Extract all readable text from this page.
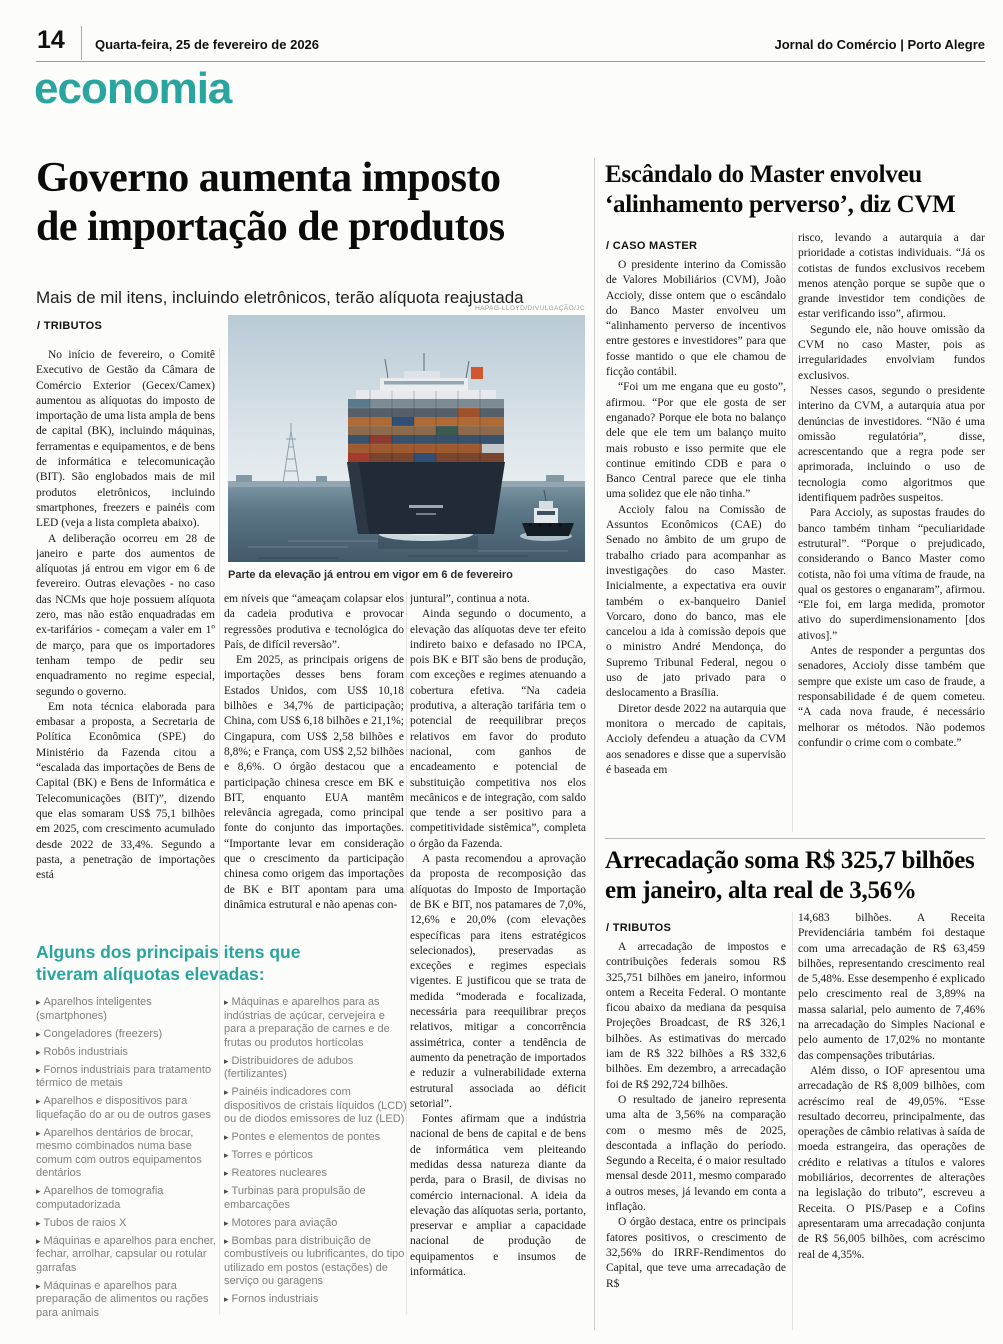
14 Quarta-feira, 25 de fevereiro de 2026	Jornal do Comércio | Porto Alegre
economia
Governo aumenta imposto
de importação de produtos
Mais de mil itens, incluindo eletrônicos, terão alíquota reajustada
/ TRIBUTOS
HAPAG-LLOYD/DIVULGAÇÃO/JC
Parte da elevação já entrou em vigor em 6 de fevereiro

No início de fevereiro, o Comitê Executivo de Gestão da Câmara de Comércio Exterior (Gecex/Camex) aumentou as alíquotas do imposto de importação de uma lista ampla de bens de capital (BK), incluindo máquinas, ferramentas e equipamentos, e de bens de informática e telecomunicação (BIT). São englobados mais de mil produtos eletrônicos, incluindo smartphones, freezers e painéis com LED (veja a lista completa abaixo).

A deliberação ocorreu em 28 de janeiro e parte dos aumentos de alíquotas já entrou em vigor em 6 de fevereiro. Outras elevações - no caso das NCMs que hoje possuem alíquota zero, mas não estão enquadradas em ex-tarifários - começam a valer em 1º de março, para que os importadores tenham tempo de pedir seu enquadramento no regime especial, segundo o governo.

Em nota técnica elaborada para embasar a proposta, a Secretaria de Política Econômica (SPE) do Ministério da Fazenda citou a “escalada das importações de Bens de Capital (BK) e Bens de Informática e Telecomunicações (BIT)”, dizendo que elas somaram US$ 75,1 bilhões em 2025, com crescimento acumulado desde 2022 de 33,4%. Segundo a pasta, a penetração de importações está

em níveis que “ameaçam colapsar elos da cadeia produtiva e provocar regressões produtiva e tecnológica do País, de difícil reversão”.

Em 2025, as principais origens de importações desses bens foram Estados Unidos, com US$ 10,18 bilhões e 34,7% de participação; China, com US$ 6,18 bilhões e 21,1%; Cingapura, com US$ 2,58 bilhões e 8,8%; e França, com US$ 2,52 bilhões e 8,6%. O órgão destacou que a participação chinesa cresce em BK e BIT, enquanto EUA mantêm relevância agregada, como principal fonte do conjunto das importações. “Importante levar em consideração que o crescimento da participação chinesa como origem das importações de BK e BIT apontam para uma dinâmica estrutural e não apenas con-

juntural”, continua a nota.

Ainda segundo o documento, a elevação das alíquotas deve ter efeito indireto baixo e defasado no IPCA, pois BK e BIT são bens de produção, com exceções e regimes atenuando a cobertura efetiva. “Na cadeia produtiva, a alteração tarifária tem o potencial de reequilibrar preços relativos em favor do produto nacional, com ganhos de encadeamento e potencial de substituição competitiva nos elos mecânicos e de integração, com saldo que tende a ser positivo para a competitividade sistêmica”, completa o órgão da Fazenda.

A pasta recomendou a aprovação da proposta de recomposição das alíquotas do Imposto de Importação de BK e BIT, nos patamares de 7,0%, 12,6% e 20,0% (com elevações específicas para itens estratégicos selecionados), preservadas as exceções e regimes especiais vigentes. E justificou que se trata de medida “moderada e focalizada, necessária para reequilibrar preços relativos, mitigar a concorrência assimétrica, conter a tendência de aumento da penetração de importados e reduzir a vulnerabilidade externa estrutural associada ao déficit setorial”.

Fontes afirmam que a indústria nacional de bens de capital e de bens de informática vem pleiteando medidas dessa natureza diante da perda, para o Brasil, de divisas no comércio internacional. A ideia da elevação das alíquotas seria, portanto, preservar e ampliar a capacidade nacional de produção de equipamentos e insumos de informática.

Alguns dos principais itens que
tiveram alíquotas elevadas:
▸ Aparelhos inteligentes (smartphones)
▸ Congeladores (freezers)
▸ Robôs industriais
▸ Fornos industriais para tratamento térmico de metais
▸ Aparelhos e dispositivos para liquefação do ar ou de outros gases
▸ Aparelhos dentários de brocar, mesmo combinados numa base comum com outros equipamentos dentários
▸ Aparelhos de tomografia computadorizada
▸ Tubos de raios X
▸ Máquinas e aparelhos para encher, fechar, arrolhar, capsular ou rotular garrafas
▸ Máquinas e aparelhos para preparação de alimentos ou rações para animais
▸ Máquinas e aparelhos para as indústrias de açúcar, cervejeira e para a preparação de carnes e de frutas ou produtos hortícolas
▸ Distribuidores de adubos (fertilizantes)
▸ Painéis indicadores com dispositivos de cristais líquidos (LCD) ou de diodos emissores de luz (LED)
▸ Pontes e elementos de pontes
▸ Torres e pórticos
▸ Reatores nucleares
▸ Turbinas para propulsão de embarcações
▸ Motores para aviação
▸ Bombas para distribuição de combustíveis ou lubrificantes, do tipo utilizado em postos (estações) de serviço ou garagens
▸ Fornos industriais
Escândalo do Master envolveu
‘alinhamento perverso’, diz CVM
/ CASO MASTER

O presidente interino da Comissão de Valores Mobiliários (CVM), João Accioly, disse ontem que o escândalo do Banco Master envolveu um “alinhamento perverso de incentivos entre gestores e investidores” para que fosse mantido o que ele chamou de ficção contábil.

“Foi um me engana que eu gosto”, afirmou. “Por que ele gosta de ser enganado? Porque ele bota no balanço dele que ele tem um balanço muito mais robusto e isso permite que ele continue emitindo CDB e para o Banco Central parece que ele tinha uma solidez que ele não tinha.”

Accioly falou na Comissão de Assuntos Econômicos (CAE) do Senado no âmbito de um grupo de trabalho criado para acompanhar as investigações do caso Master. Inicialmente, a expectativa era ouvir também o ex-banqueiro Daniel Vorcaro, dono do banco, mas ele cancelou a ida à comissão depois que o ministro André Mendonça, do Supremo Tribunal Federal, negou o uso de jato privado para o deslocamento a Brasília.

Diretor desde 2022 na autarquia que monitora o mercado de capitais, Accioly defendeu a atuação da CVM aos senadores e disse que a supervisão é baseada em

risco, levando a autarquia a dar prioridade a cotistas individuais. “Já os cotistas de fundos exclusivos recebem menos atenção porque se supõe que o grande investidor tem condições de estar verificando isso”, afirmou.

Segundo ele, não houve omissão da CVM no caso Master, pois as irregularidades envolviam fundos exclusivos.

Nesses casos, segundo o presidente interino da CVM, a autarquia atua por denúncias de investidores. “Não é uma omissão regulatória”, disse, acrescentando que a regra pode ser aprimorada, incluindo o uso de tecnologia como algoritmos que identifiquem padrões suspeitos.

Para Accioly, as supostas fraudes do banco também tinham “peculiaridade estrutural”. “Porque o prejudicado, considerando o Banco Master como cotista, não foi uma vítima de fraude, na qual os gestores o enganaram”, afirmou. “Ele foi, em larga medida, promotor ativo do superdimensionamento [dos ativos].”

Antes de responder a perguntas dos senadores, Accioly disse também que sempre que existe um caso de fraude, a responsabilidade é de quem cometeu. “A cada nova fraude, é necessário melhorar os métodos. Não podemos confundir o crime com o combate.”

Arrecadação soma R$ 325,7 bilhões
em janeiro, alta real de 3,56%
/ TRIBUTOS

A arrecadação de impostos e contribuições federais somou R$ 325,751 bilhões em janeiro, informou ontem a Receita Federal. O montante ficou abaixo da mediana da pesquisa Projeções Broadcast, de R$ 326,1 bilhões. As estimativas do mercado iam de R$ 322 bilhões a R$ 332,6 bilhões. Em dezembro, a arrecadação foi de R$ 292,724 bilhões.

O resultado de janeiro representa uma alta de 3,56% na comparação com o mesmo mês de 2025, descontada a inflação do período. Segundo a Receita, é o maior resultado mensal desde 2011, mesmo comparado a outros meses, já levando em conta a inflação.

O órgão destaca, entre os principais fatores positivos, o crescimento de 32,56% do IRRF-Rendimentos do Capital, que teve uma arrecadação de R$

14,683 bilhões. A Receita Previdenciária também foi destaque com uma arrecadação de R$ 63,459 bilhões, representando crescimento real de 5,48%. Esse desempenho é explicado pelo crescimento real de 3,89% na massa salarial, pelo aumento de 7,46% na arrecadação do Simples Nacional e pelo aumento de 17,02% no montante das compensações tributárias.

Além disso, o IOF apresentou uma arrecadação de R$ 8,009 bilhões, com acréscimo real de 49,05%. “Esse resultado decorreu, principalmente, das operações de câmbio relativas à saída de moeda estrangeira, das operações de crédito e relativas a títulos e valores mobiliários, decorrentes de alterações na legislação do tributo”, escreveu a Receita. O PIS/Pasep e a Cofins apresentaram uma arrecadação conjunta de R$ 56,005 bilhões, com acréscimo real de 4,35%.
